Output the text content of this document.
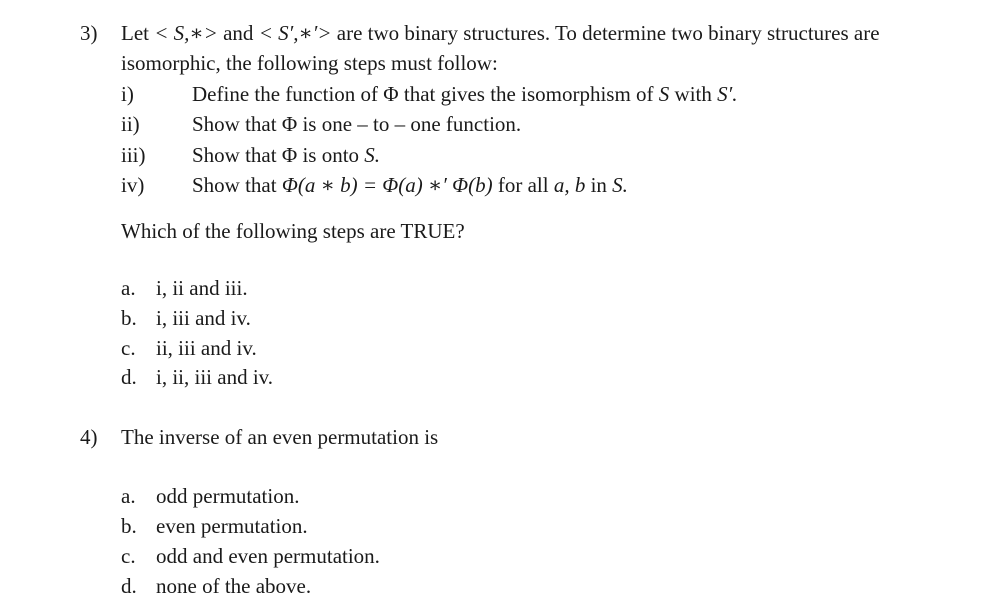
3) Let < S,∗> and < S′,∗′> are two binary structures. To determine two binary structures are
isomorphic, the following steps must follow:
i)	Define the function of Φ that gives the isomorphism of S with S′.
ii) Show that Φ is one – to – one function.
iii) Show that Φ is onto S.
iv) Show that Φ(a ∗ b) = Φ(a) ∗′ Φ(b) for all a, b in S.
Which of the following steps are TRUE?
a. i, ii and iii.
b. i, iii and iv.
c. ii, iii and iv.
d. i, ii, iii and iv.
4) The inverse of an even permutation is
a. odd permutation.
b. even permutation.
c. odd and even permutation.
d. none of the above.
